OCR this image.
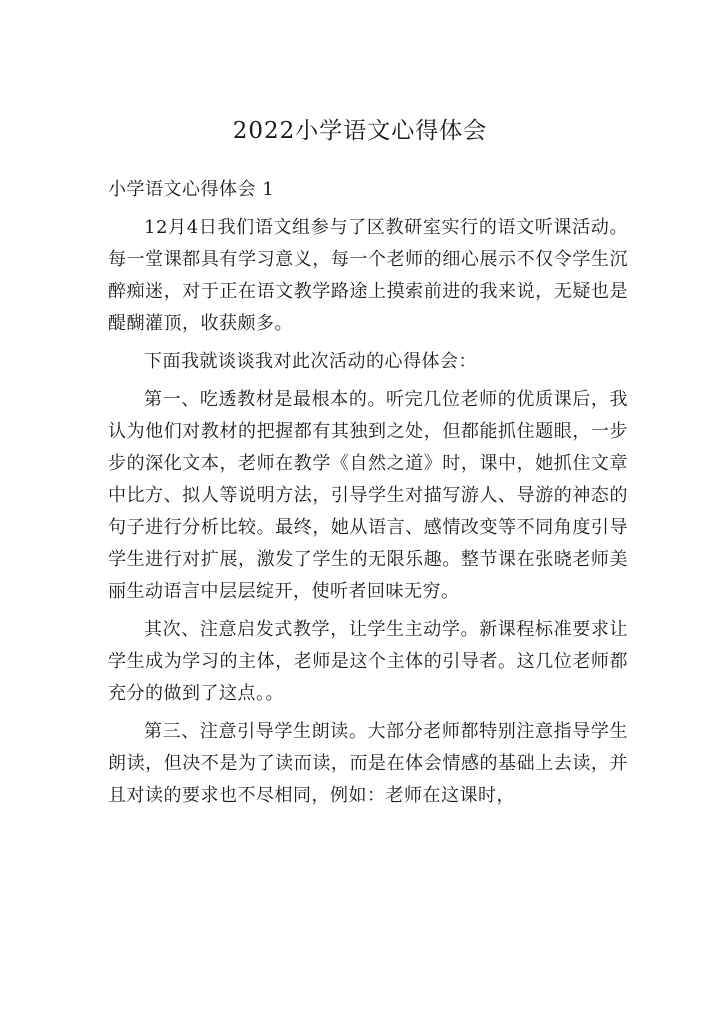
2022小学语文心得体会

小学语文心得体会 1

12月4日我们语文组参与了区教研室实行的语文听课活动。每一堂课都具有学习意义，每一个老师的细心展示不仅令学生沉醉痴迷，对于正在语文教学路途上摸索前进的我来说，无疑也是醍醐灌顶，收获颇多。

下面我就谈谈我对此次活动的心得体会：

第一、吃透教材是最根本的。听完几位老师的优质课后，我认为他们对教材的把握都有其独到之处，但都能抓住题眼，一步步的深化文本，老师在教学《自然之道》时，课中，她抓住文章中比方、拟人等说明方法，引导学生对描写游人、导游的神态的句子进行分析比较。最终，她从语言、感情改变等不同角度引导学生进行对扩展，激发了学生的无限乐趣。整节课在张晓老师美丽生动语言中层层绽开，使听者回味无穷。

其次、注意启发式教学，让学生主动学。新课程标准要求让学生成为学习的主体，老师是这个主体的引导者。这几位老师都充分的做到了这点。。

第三、注意引导学生朗读。大部分老师都特别注意指导学生朗读，但决不是为了读而读，而是在体会情感的基础上去读，并且对读的要求也不尽相同，例如：老师在这课时，
